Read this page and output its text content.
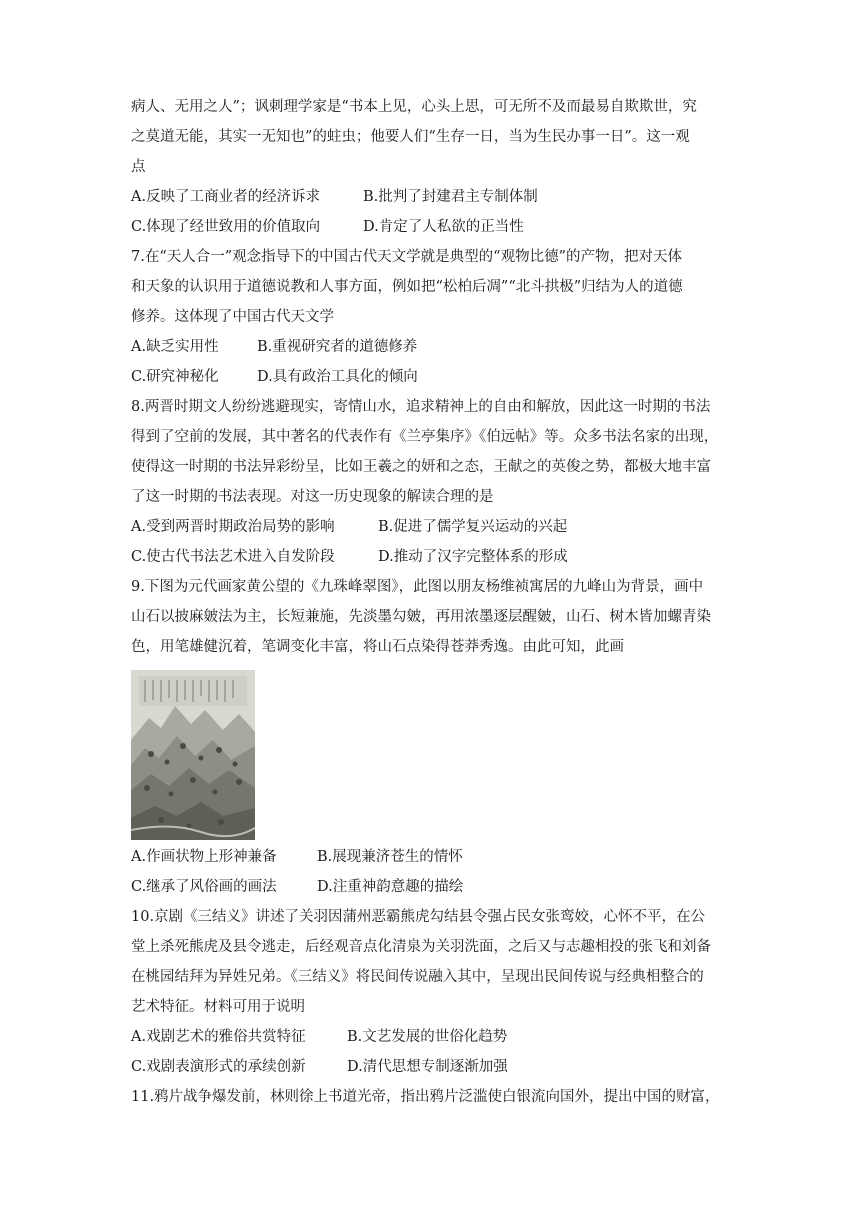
病人、无用之人”；讽刺理学家是“书本上见，心头上思，可无所不及而最易自欺欺世，究
之莫道无能，其实一无知也”的蛀虫；他要人们“生存一日，当为生民办事一日”。这一观
点
A.反映了工商业者的经济诉求	B.批判了封建君主专制体制
C.体现了经世致用的价值取向	D.肯定了人私欲的正当性
7.在“天人合一”观念指导下的中国古代天文学就是典型的“观物比德”的产物，把对天体
和天象的认识用于道德说教和人事方面，例如把“松柏后凋”“北斗拱极”归结为人的道德
修养。这体现了中国古代天文学
A.缺乏实用性	B.重视研究者的道德修养
C.研究神秘化	D.具有政治工具化的倾向
8.两晋时期文人纷纷逃避现实，寄情山水，追求精神上的自由和解放，因此这一时期的书法
得到了空前的发展，其中著名的代表作有《兰亭集序》《伯远帖》等。众多书法名家的出现，
使得这一时期的书法异彩纷呈，比如王羲之的妍和之态，王献之的英俊之势，都极大地丰富
了这一时期的书法表现。对这一历史现象的解读合理的是
A.受到两晋时期政治局势的影响	B.促进了儒学复兴运动的兴起
C.使古代书法艺术进入自发阶段	D.推动了汉字完整体系的形成
9.下图为元代画家黄公望的《九珠峰翠图》，此图以朋友杨维祯寓居的九峰山为背景，画中
山石以披麻皴法为主，长短兼施，先淡墨勾皴，再用浓墨逐层醒皴，山石、树木皆加螺青染
色，用笔雄健沉着，笔调变化丰富，将山石点染得苍莽秀逸。由此可知，此画
A.作画状物上形神兼备	B.展现兼济苍生的情怀
C.继承了风俗画的画法	D.注重神韵意趣的描绘
10.京剧《三结义》讲述了关羽因蒲州恶霸熊虎勾结县令强占民女张鸾姣，心怀不平，在公
堂上杀死熊虎及县令逃走，后经观音点化清泉为关羽洗面，之后又与志趣相投的张飞和刘备
在桃园结拜为异姓兄弟。《三结义》将民间传说融入其中，呈现出民间传说与经典相整合的
艺术特征。材料可用于说明
A.戏剧艺术的雅俗共赏特征	B.文艺发展的世俗化趋势
C.戏剧表演形式的承续创新	D.清代思想专制逐渐加强
11.鸦片战争爆发前，林则徐上书道光帝，指出鸦片泛滥使白银流向国外，提出中国的财富，
